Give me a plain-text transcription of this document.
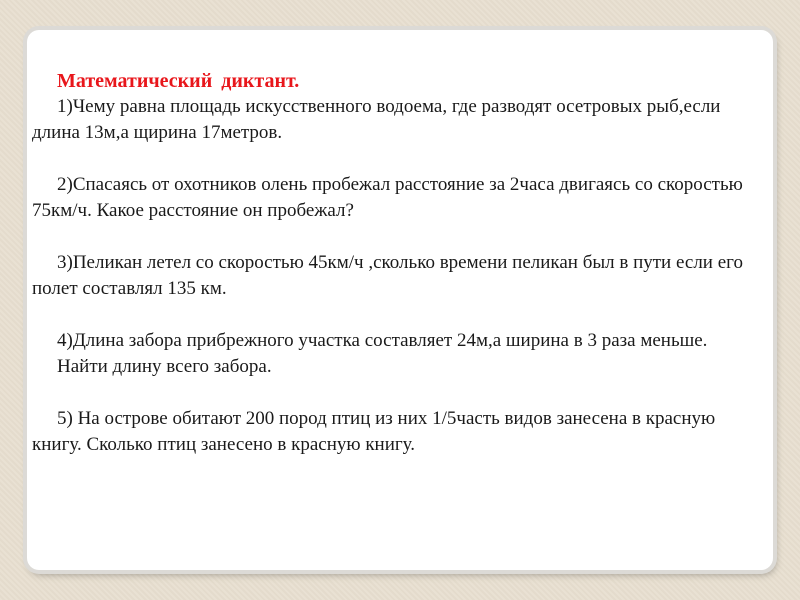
Математический диктант.

1)Чему равна площадь искусственного водоема, где разводят осетровых рыб,если длина 13м,а щирина 17метров.

2)Спасаясь от охотников олень пробежал расстояние за 2часа двигаясь со скоростью 75км/ч. Какое расстояние он пробежал?

3)Пеликан летел со скоростью 45км/ч ,сколько времени пеликан был в пути если его полет составлял 135 км.

4)Длина забора прибрежного участка составляет 24м,а ширина в 3 раза меньше.

Найти длину всего забора.

5) На острове обитают 200 пород птиц из них 1/5часть видов занесена в красную книгу. Сколько птиц занесено в красную книгу.
